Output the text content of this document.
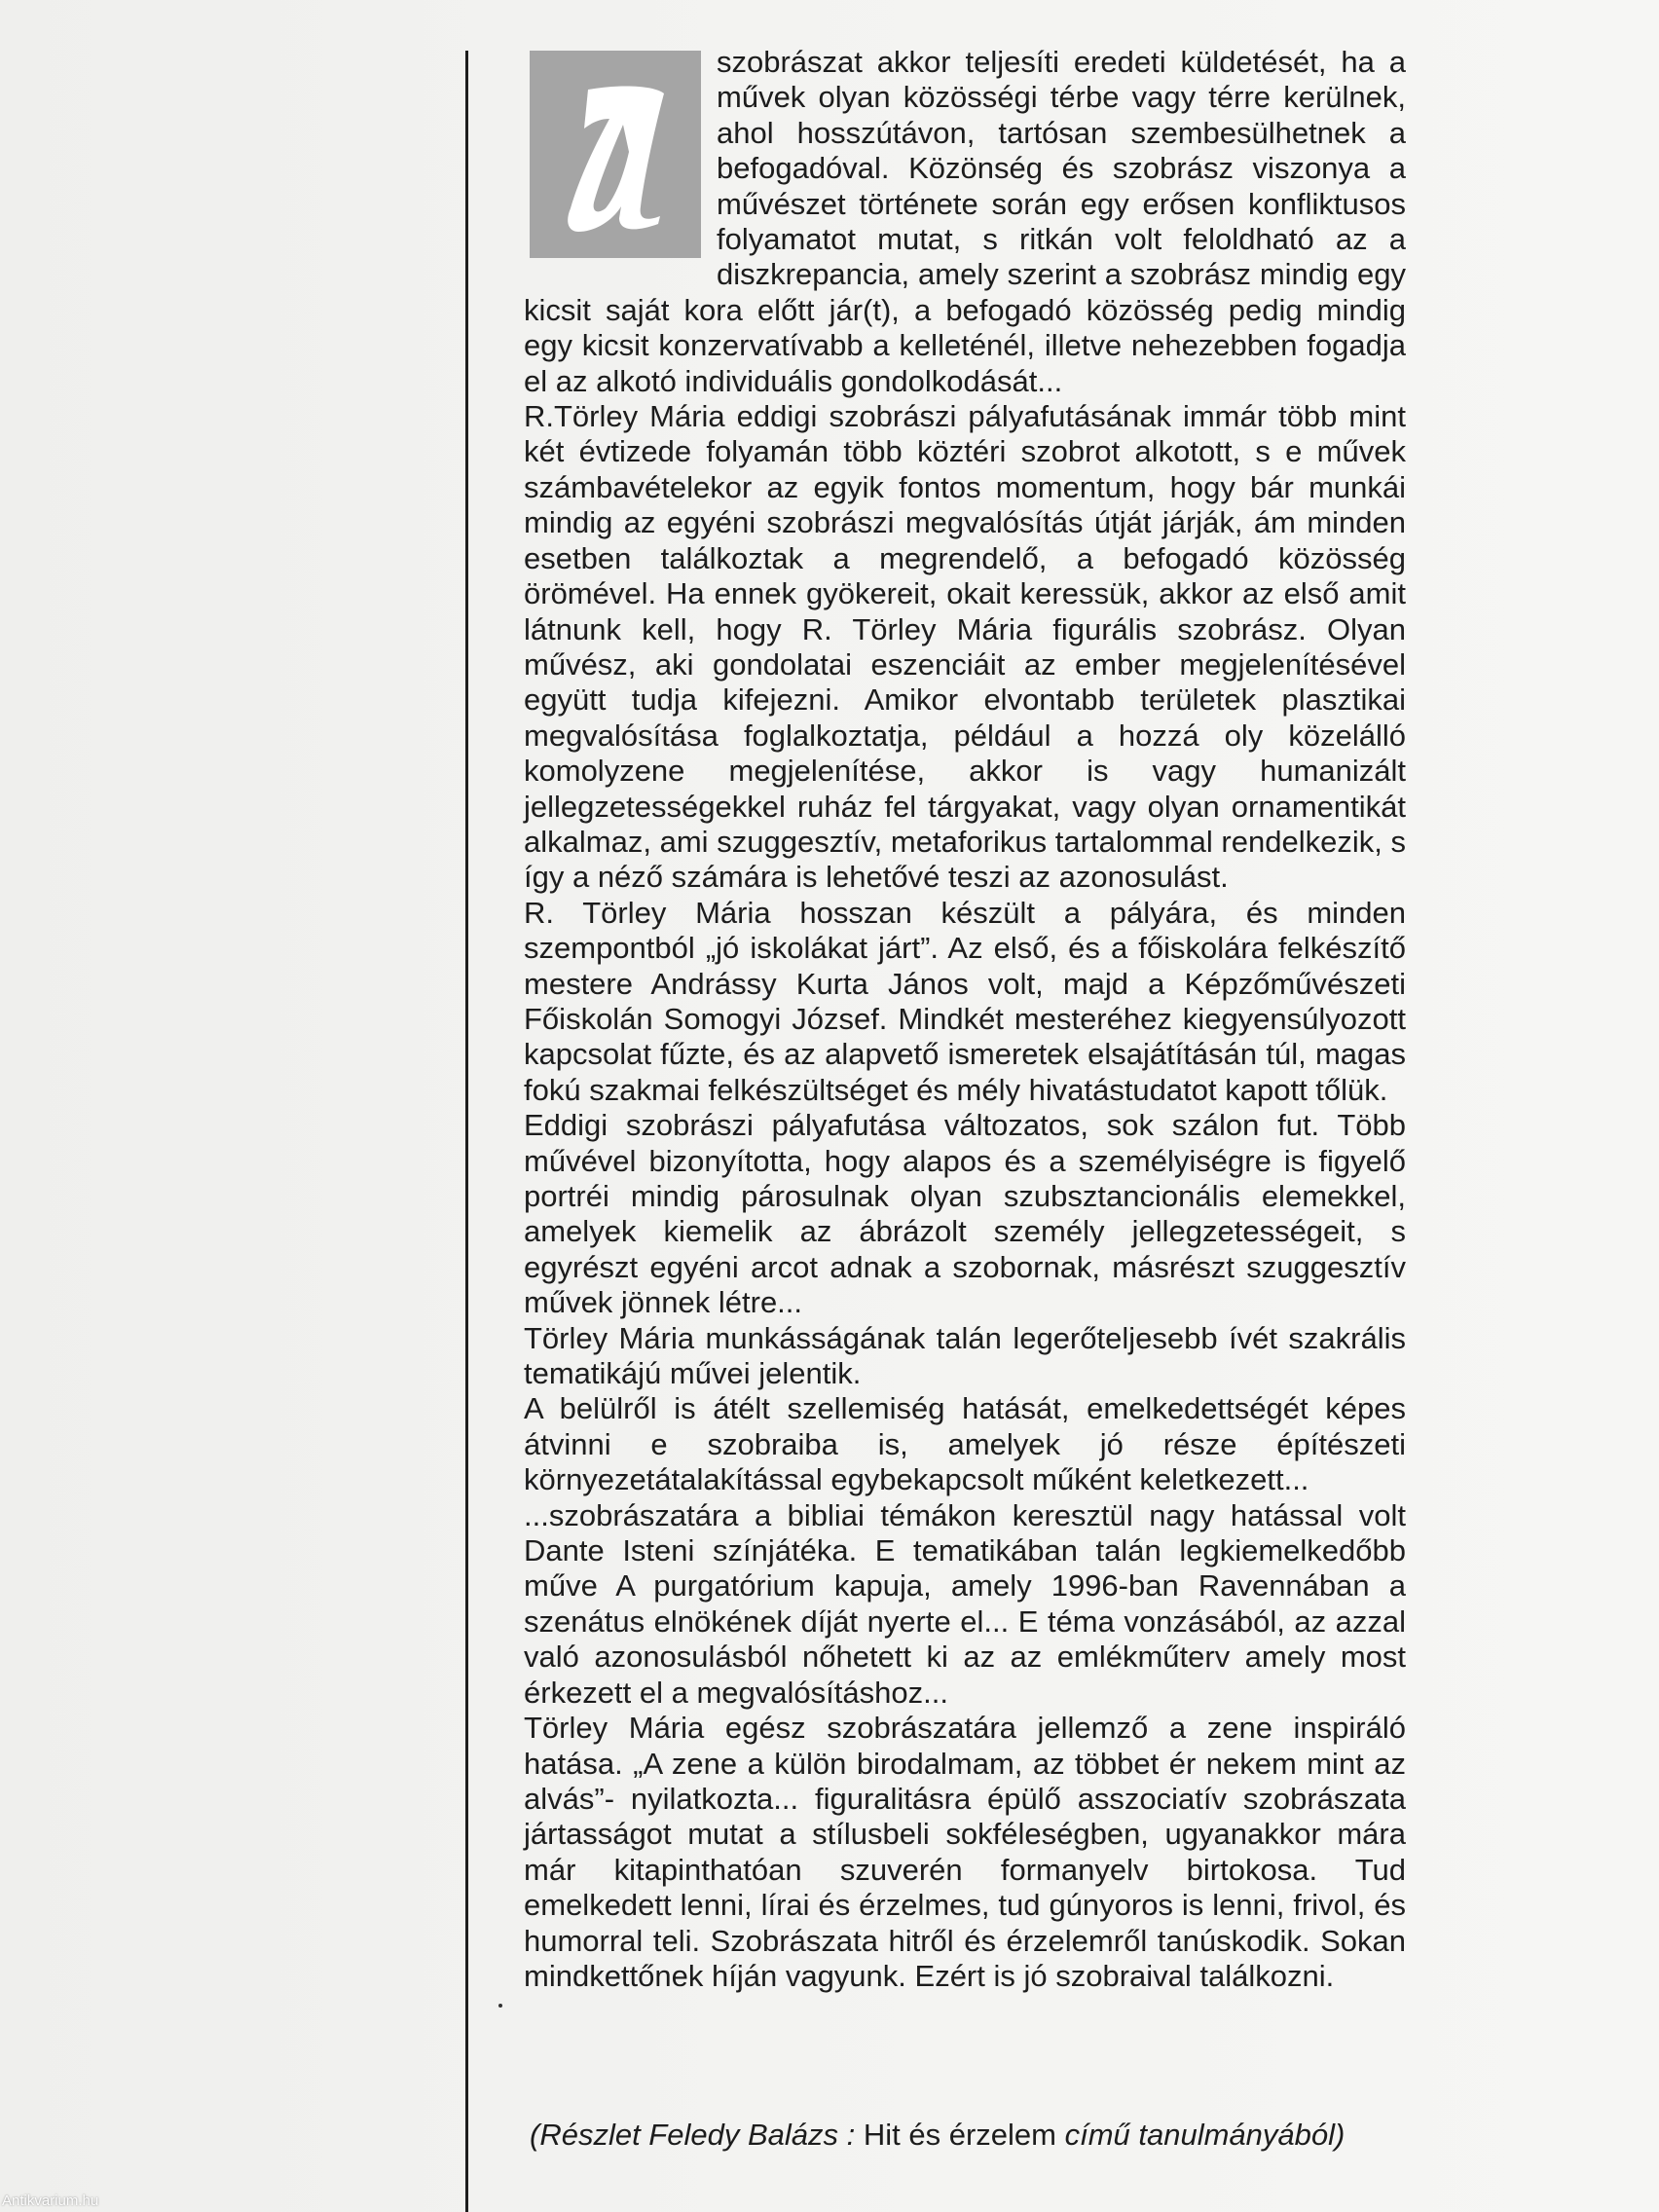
szobrászat akkor teljesíti eredeti küldetését, ha a művek olyan közösségi térbe vagy térre kerülnek, ahol hosszútávon, tartósan szembesülhetnek a befogadóval. Közönség és szobrász viszonya a művészet története során egy erősen konfliktusos folyamatot mutat, s ritkán volt feloldható az a diszkrepancia, amely szerint a szobrász mindig egy kicsit saját kora előtt jár(t), a befogadó közösség pedig mindig egy kicsit konzervatívabb a kelleténél, illetve nehezebben fogadja el az alkotó individuális gondolkodását...

R.Törley Mária eddigi szobrászi pályafutásának immár több mint két évtizede folyamán több köztéri szobrot alkotott, s e művek számbavételekor az egyik fontos momentum, hogy bár munkái mindig az egyéni szobrászi megvalósítás útját járják, ám minden esetben találkoztak a megrendelő, a befogadó közösség örömével. Ha ennek gyökereit, okait keressük, akkor az első amit látnunk kell, hogy R. Törley Mária figurális szobrász. Olyan művész, aki gondolatai eszenciáit az ember megjelenítésével együtt tudja kifejezni. Amikor elvontabb területek plasztikai megvalósítása foglalkoztatja, például a hozzá oly közelálló komolyzene megjelenítése, akkor is vagy humanizált jellegzetességekkel ruház fel tárgyakat, vagy olyan ornamentikát alkalmaz, ami szuggesztív, metaforikus tartalommal rendelkezik, s így a néző számára is lehetővé teszi az azonosulást.

R. Törley Mária hosszan készült a pályára, és minden szempontból „jó iskolákat járt”. Az első, és a főiskolára felkészítő mestere Andrássy Kurta János volt, majd a Képzőművészeti Főiskolán Somogyi József. Mindkét mesteréhez kiegyensúlyozott kapcsolat fűzte, és az alapvető ismeretek elsajátításán túl, magas fokú szakmai felkészültséget és mély hivatástudatot kapott tőlük.

Eddigi szobrászi pályafutása változatos, sok szálon fut. Több művével bizonyította, hogy alapos és a személyiségre is figyelő portréi mindig párosulnak olyan szubsztancionális elemekkel, amelyek kiemelik az ábrázolt személy jellegzetességeit, s egyrészt egyéni arcot adnak a szobornak, másrészt szuggesztív művek jönnek létre...

Törley Mária munkásságának talán legerőteljesebb ívét szakrális tematikájú művei jelentik.

A belülről is átélt szellemiség hatását, emelkedettségét képes átvinni e szobraiba is, amelyek jó része építészeti környezetátalakítással egybekapcsolt műként keletkezett...

...szobrászatára a bibliai témákon keresztül nagy hatással volt Dante Isteni színjátéka. E tematikában talán legkiemelkedőbb műve A purgatórium kapuja, amely 1996-ban Ravennában a szenátus elnökének díját nyerte el... E téma vonzásából, az azzal való azonosulásból nőhetett ki az az emlékműterv amely most érkezett el a megvalósításhoz...

Törley Mária egész szobrászatára jellemző a zene inspiráló hatása. „A zene a külön birodalmam, az többet ér nekem mint az alvás”- nyilatkozta... figuralitásra épülő asszociatív szobrászata jártasságot mutat a stílusbeli sokféleségben, ugyanakkor mára már kitapinthatóan szuverén formanyelv birtokosa. Tud emelkedett lenni, lírai és érzelmes, tud gúnyoros is lenni, frivol, és humorral teli. Szobrászata hitről és érzelemről tanúskodik. Sokan mindkettőnek híján vagyunk. Ezért is jó szobraival találkozni.

(Részlet Feledy Balázs : Hit és érzelem című tanulmányából)
Antikvarium.hu
